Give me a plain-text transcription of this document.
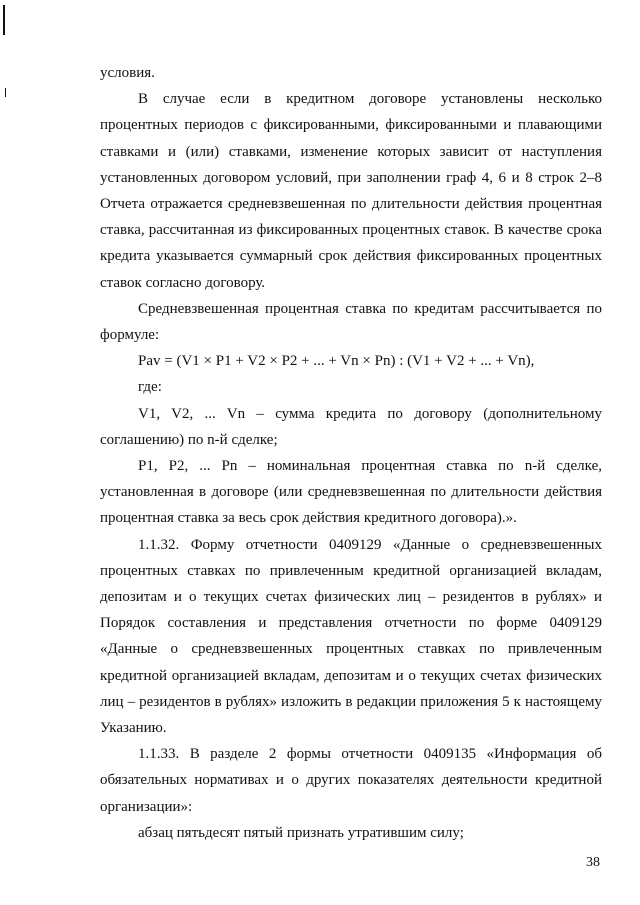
условия.

В случае если в кредитном договоре установлены несколько процентных периодов с фиксированными, фиксированными и плавающими ставками и (или) ставками, изменение которых зависит от наступления установленных договором условий, при заполнении граф 4, 6 и 8 строк 2–8 Отчета отражается средневзвешенная по длительности действия процентная ставка, рассчитанная из фиксированных процентных ставок. В качестве срока кредита указывается суммарный срок действия фиксированных процентных ставок согласно договору.

Средневзвешенная процентная ставка по кредитам рассчитывается по формуле:

Pav = (V1 × P1 + V2 × P2 + ... + Vn × Pn) : (V1 + V2 + ... + Vn),

где:

V1, V2, ... Vn – сумма кредита по договору (дополнительному соглашению) по n-й сделке;

P1, P2, ... Pn – номинальная процентная ставка по n-й сделке, установленная в договоре (или средневзвешенная по длительности действия процентная ставка за весь срок действия кредитного договора).».

1.1.32. Форму отчетности 0409129 «Данные о средневзвешенных процентных ставках по привлеченным кредитной организацией вкладам, депозитам и о текущих счетах физических лиц – резидентов в рублях» и Порядок составления и представления отчетности по форме 0409129 «Данные о средневзвешенных процентных ставках по привлеченным кредитной организацией вкладам, депозитам и о текущих счетах физических лиц – резидентов в рублях» изложить в редакции приложения 5 к настоящему Указанию.

1.1.33. В разделе 2 формы отчетности 0409135 «Информация об обязательных нормативах и о других показателях деятельности кредитной организации»:

абзац пятьдесят пятый признать утратившим силу;

38
